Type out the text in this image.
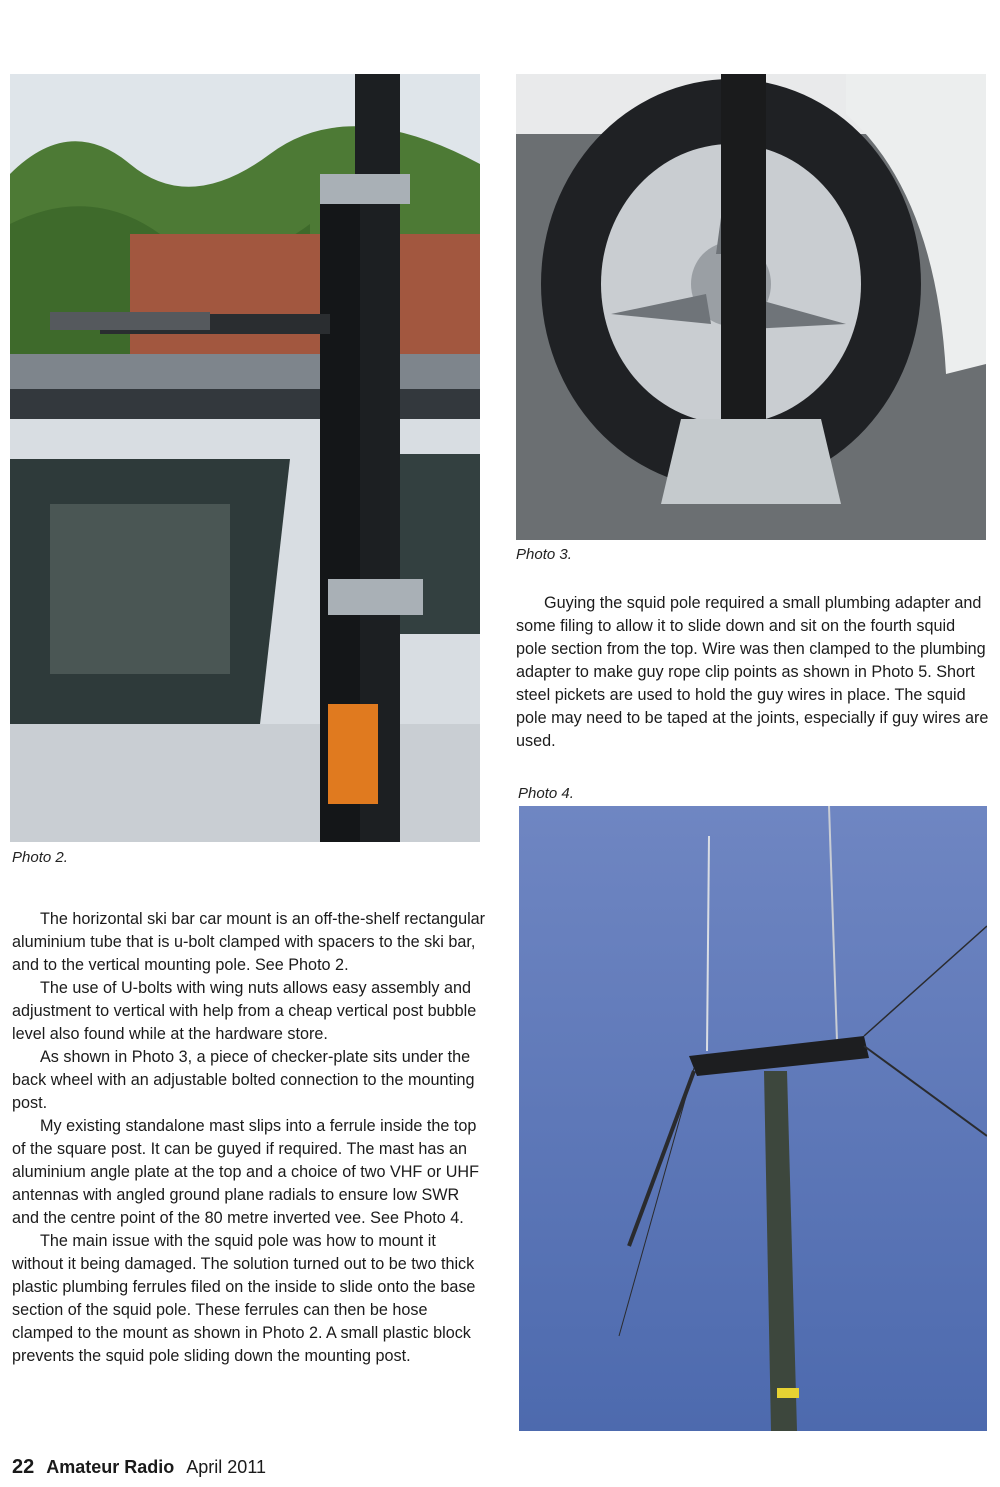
Photo 2.
Photo 3.

Guying the squid pole required a small plumbing adapter and some filing to allow it to slide down and sit on the fourth squid pole section from the top. Wire was then clamped to the plumbing adapter to make guy rope clip points as shown in Photo 5. Short steel pickets are used to hold the guy wires in place. The squid pole may need to be taped at the joints, especially if guy wires are used.

Photo 4.

The horizontal ski bar car mount is an off-the-shelf rectangular aluminium tube that is u-bolt clamped with spacers to the ski bar, and to the vertical mounting pole. See Photo 2.

The use of U-bolts with wing nuts allows easy assembly and adjustment to vertical with help from a cheap vertical post bubble level also found while at the hardware store.

As shown in Photo 3, a piece of checker-plate sits under the back wheel with an adjustable bolted connection to the mounting post.

My existing standalone mast slips into a ferrule inside the top of the square post. It can be guyed if required. The mast has an aluminium angle plate at the top and a choice of two VHF or UHF antennas with angled ground plane radials to ensure low SWR and the centre point of the 80 metre inverted vee. See Photo 4.

The main issue with the squid pole was how to mount it without it being damaged. The solution turned out to be two thick plastic plumbing ferrules filed on the inside to slide onto the base section of the squid pole. These ferrules can then be hose clamped to the mount as shown in Photo 2. A small plastic block prevents the squid pole sliding down the mounting post.

22 Amateur Radio April 2011
